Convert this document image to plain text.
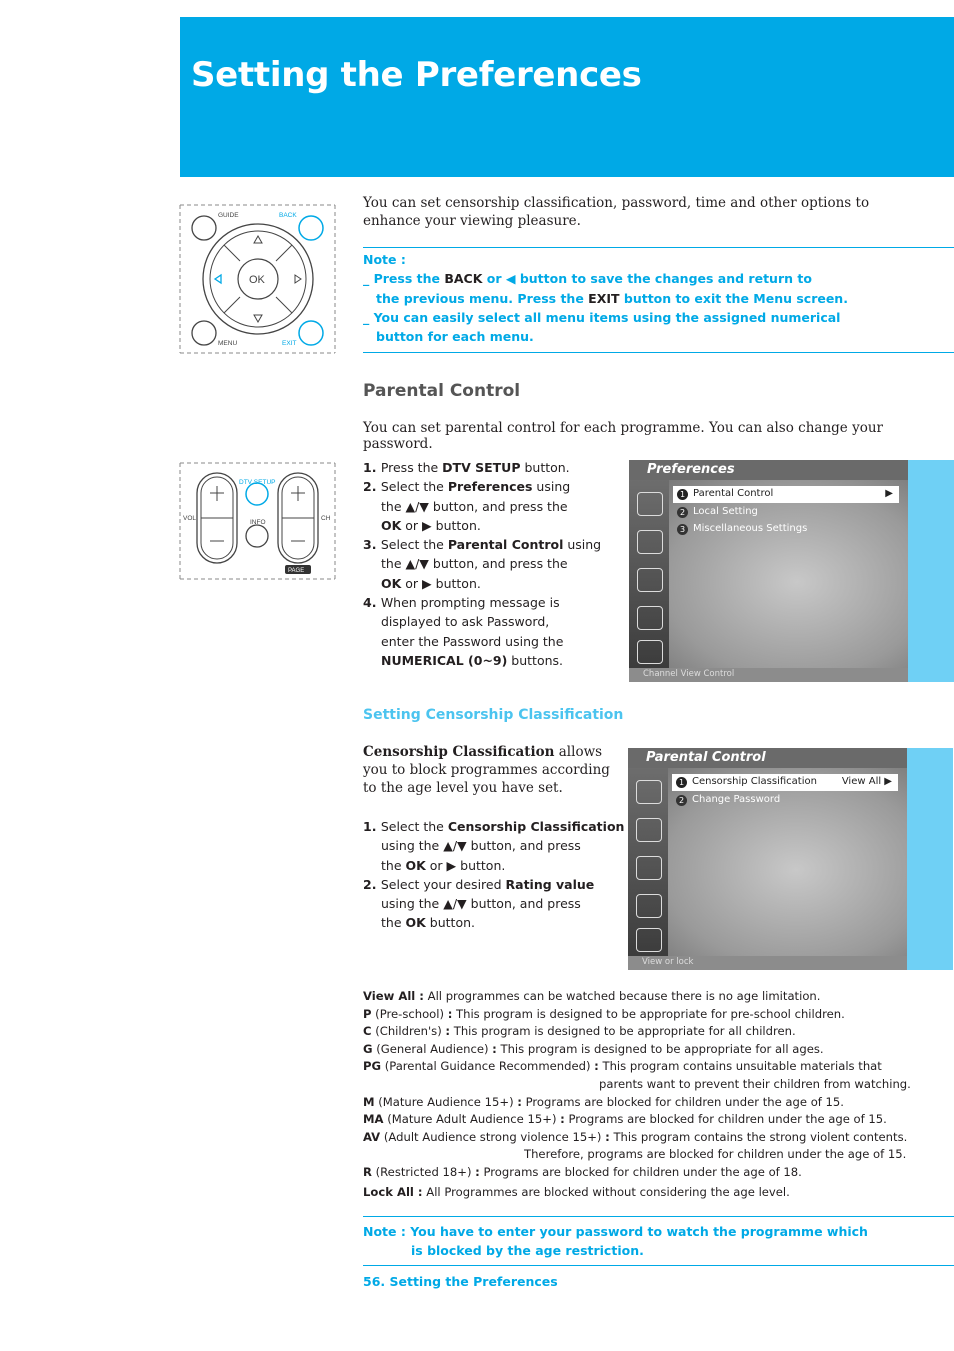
Setting the Preferences
GUIDE	BACK
OK
MENU	EXIT
You can set censorship classification, password, time and other options to enhance your viewing pleasure.
Note :
_ Press the BACK or ◀ button to save the changes and return to
the previous menu. Press the EXIT button to exit the Menu screen.
_ You can easily select all menu items using the assigned numerical
button for each menu.
Parental Control
You can set parental control for each programme. You can also change your password.
DTV SETUP
VOL	CH
INFO
PAGE
1. Press the DTV SETUP button.
2. Select the Preferences using
the ▲/▼ button, and press the
OK or ▶ button.
3. Select the Parental Control using
the ▲/▼ button, and press the
OK or ▶ button.
4. When prompting message is
displayed to ask Password,
enter the Password using the
NUMERICAL (0~9) buttons.
Preferences
1 Parental Control	▶
2 Local Setting
3 Miscellaneous Settings
Channel View Control
Setting Censorship Classification
Censorship Classification allows you to block programmes according to the age level you have set.
1. Select the Censorship Classification
using the ▲/▼ button, and press
the OK or ▶ button.
2. Select your desired Rating value
using the ▲/▼ button, and press
the OK button.
Parental Control
1 Censorship Classification View All ▶
2 Change Password
View or lock
View All : All programmes can be watched because there is no age limitation.
P (Pre-school) : This program is designed to be appropriate for pre-school children.
C (Children's) : This program is designed to be appropriate for all children.
G (General Audience) : This program is designed to be appropriate for all ages.
PG (Parental Guidance Recommended) : This program contains unsuitable materials that
parents want to prevent their children from watching.
M (Mature Audience 15+) : Programs are blocked for children under the age of 15.
MA (Mature Adult Audience 15+) : Programs are blocked for children under the age of 15.
AV (Adult Audience strong violence 15+) : This program contains the strong violent contents.
Therefore, programs are blocked for children under the age of 15.
R (Restricted 18+) : Programs are blocked for children under the age of 18.
Lock All : All Programmes are blocked without considering the age level.
Note : You have to enter your password to watch the programme which
is blocked by the age restriction.
56. Setting the Preferences
